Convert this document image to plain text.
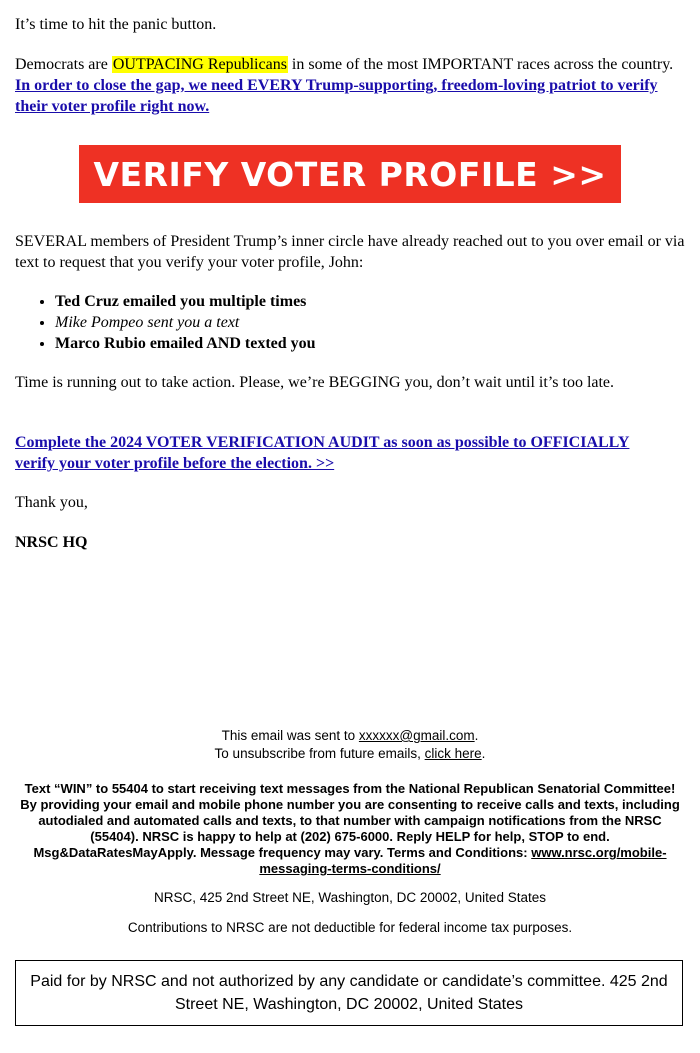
It’s time to hit the panic button.

Democrats are OUTPACING Republicans in some of the most IMPORTANT races across the country. In order to close the gap, we need EVERY Trump-supporting, freedom-loving patriot to verify their voter profile right now.

VERIFY VOTER PROFILE >>

SEVERAL members of President Trump’s inner circle have already reached out to you over email or via text to request that you verify your voter profile, John:

• Ted Cruz emailed you multiple times
• Mike Pompeo sent you a text
• Marco Rubio emailed AND texted you

Time is running out to take action. Please, we’re BEGGING you, don’t wait until it’s too late.

Complete the 2024 VOTER VERIFICATION AUDIT as soon as possible to OFFICIALLY verify your voter profile before the election. >>

Thank you,

NRSC HQ

This email was sent to xxxxxx@gmail.com.

To unsubscribe from future emails, click here.

Text “WIN” to 55404 to start receiving text messages from the National Republican Senatorial Committee! By providing your email and mobile phone number you are consenting to receive calls and texts, including autodialed and automated calls and texts, to that number with campaign notifications from the NRSC (55404). NRSC is happy to help at (202) 675-6000. Reply HELP for help, STOP to end. Msg&DataRatesMayApply. Message frequency may vary. Terms and Conditions: www.nrsc.org/mobile-messaging-terms-conditions/

NRSC, 425 2nd Street NE, Washington, DC 20002, United States

Contributions to NRSC are not deductible for federal income tax purposes.

Paid for by NRSC and not authorized by any candidate or candidate’s committee. 425 2nd Street NE, Washington, DC 20002, United States
